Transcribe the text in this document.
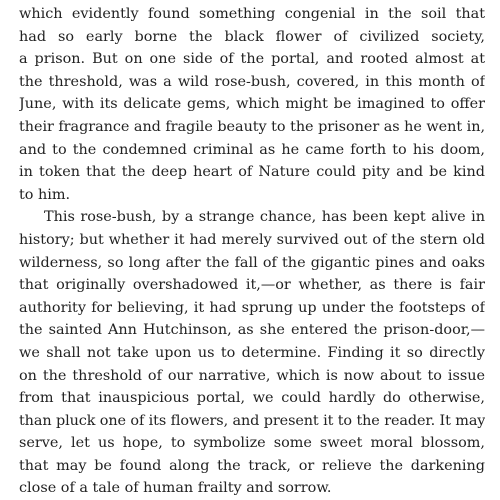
which evidently found something congenial in the soil that
had so early borne the black flower of civilized society,
a prison. But on one side of the portal, and rooted almost at
the threshold, was a wild rose-bush, covered, in this month of
June, with its delicate gems, which might be imagined to offer
their fragrance and fragile beauty to the prisoner as he went in,
and to the condemned criminal as he came forth to his doom,
in token that the deep heart of Nature could pity and be kind
to him.
This rose-bush, by a strange chance, has been kept alive in
history; but whether it had merely survived out of the stern old
wilderness, so long after the fall of the gigantic pines and oaks
that originally overshadowed it,—or whether, as there is fair
authority for believing, it had sprung up under the footsteps of
the sainted Ann Hutchinson, as she entered the prison-door,—
we shall not take upon us to determine. Finding it so directly
on the threshold of our narrative, which is now about to issue
from that inauspicious portal, we could hardly do otherwise,
than pluck one of its flowers, and present it to the reader. It may
serve, let us hope, to symbolize some sweet moral blossom,
that may be found along the track, or relieve the darkening
close of a tale of human frailty and sorrow.
